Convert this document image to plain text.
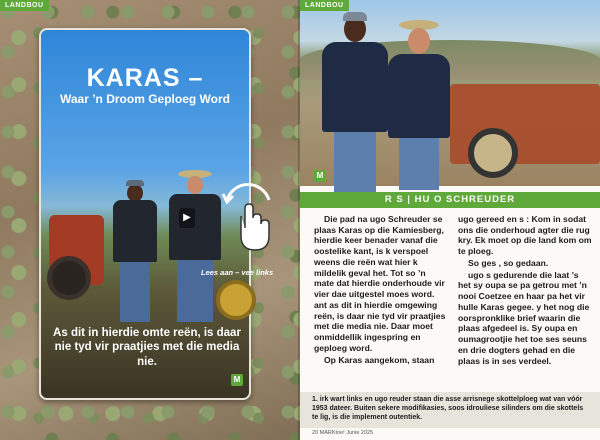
LANDBOU
KARAS –
Waar ’n Droom Geploeg Word
▶
Lees aan – vee links
As dit in hierdie omte reën, is daar nie tyd vir praatjies met die media nie.
M
M
LANDBOU
R S | HU O SCHREUDER

Die pad na ugo Schreuder se plaas Karas op die Kamiesberg, hierdie keer benader vanaf die oostelike kant, is k verspoel weens die reën wat hier k mildelik geval het. Tot so ’n mate dat hierdie onderhoude vir vier dae uitgestel moes word. ant as dit in hierdie omgewing reën, is daar nie tyd vir praatjies met die media nie. Daar moet onmiddellik ingespring en geploeg word.

Op Karas aangekom, staan

ugo gereed en s : Kom in sodat ons die onderhoud agter die rug kry. Ek moet op die land kom om te ploeg.

So ges , so gedaan.

ugo s gedurende die laat ’s het sy oupa se pa getrou met ’n nooi Coetzee en haar pa het vir hulle Karas gegee. y het nog die oorspronklike brief waarin die plaas afgedeel is. Sy oupa en oumagrootjie het toe ses seuns en drie dogters gehad en die plaas is in ses verdeel.

1. irk wart links en ugo reuder staan die asse arrisnege skottelploeg wat van vóór 1953 dateer. Buiten sekere modifikasies, soos idrouliese silinders om die skottels te lig, is die implement outentiek.
20 MARKtoe! Junie 2025
